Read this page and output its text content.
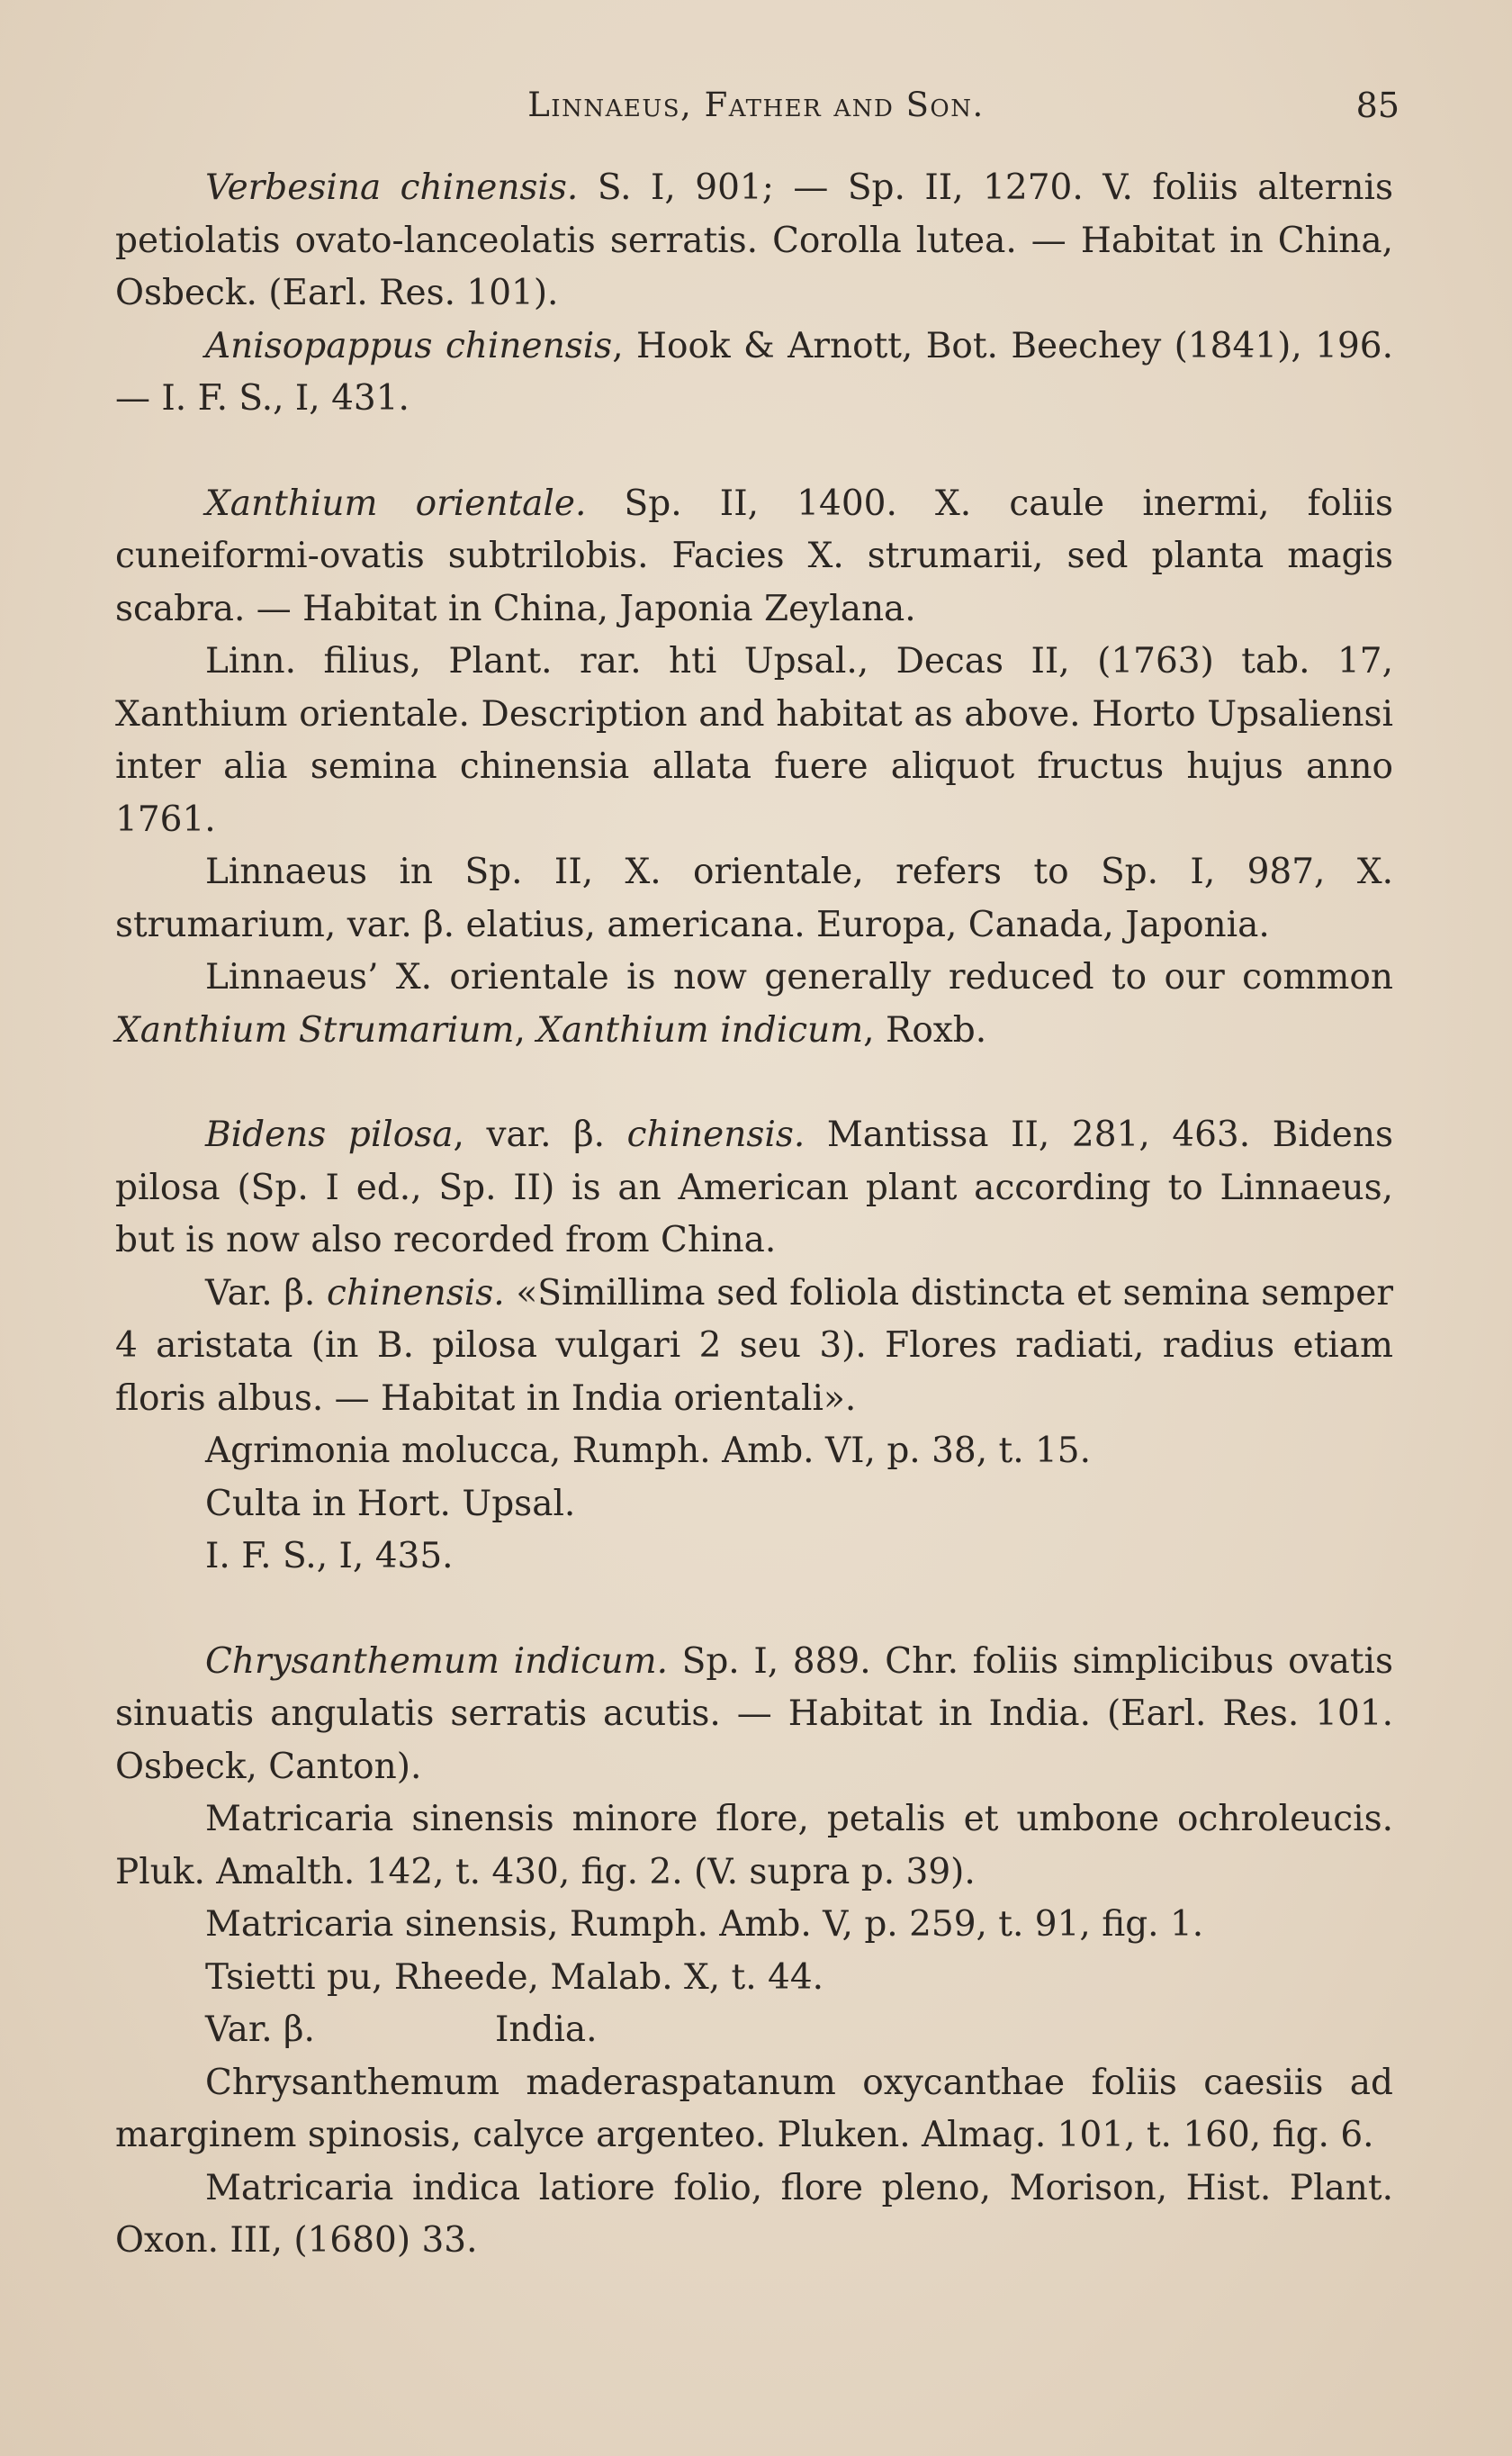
Linnaeus, Father and Son.	85

Verbesina chinensis. S. I, 901; — Sp. II, 1270. V. foliis alternis petiolatis ovato-lanceolatis serratis. Corolla lutea. — Habitat in China, Osbeck. (Earl. Res. 101).

Anisopappus chinensis, Hook & Arnott, Bot. Beechey (1841), 196. — I. F. S., I, 431.

Xanthium orientale. Sp. II, 1400. X. caule inermi, foliis cuneiformi-ovatis subtrilobis. Facies X. strumarii, sed planta magis scabra. — Habitat in China, Japonia Zeylana.

Linn. filius, Plant. rar. hti Upsal., Decas II, (1763) tab. 17, Xanthium orientale. Description and habitat as above. Horto Upsaliensi inter alia semina chinensia allata fuere aliquot fructus hujus anno 1761.

Linnaeus in Sp. II, X. orientale, refers to Sp. I, 987, X. strumarium, var. β. elatius, americana. Europa, Canada, Japonia.

Linnaeus’ X. orientale is now generally reduced to our common Xanthium Strumarium, Xanthium indicum, Roxb.

Bidens pilosa, var. β. chinensis. Mantissa II, 281, 463. Bidens pilosa (Sp. I ed., Sp. II) is an American plant according to Linnaeus, but is now also recorded from China.

Var. β. chinensis. «Simillima sed foliola distincta et semina semper 4 aristata (in B. pilosa vulgari 2 seu 3). Flores radiati, radius etiam floris albus. — Habitat in India orientali».

Agrimonia molucca, Rumph. Amb. VI, p. 38, t. 15.

Culta in Hort. Upsal.

I. F. S., I, 435.

Chrysanthemum indicum. Sp. I, 889. Chr. foliis simplicibus ovatis sinuatis angulatis serratis acutis. — Habitat in India. (Earl. Res. 101. Osbeck, Canton).

Matricaria sinensis minore flore, petalis et umbone ochroleucis. Pluk. Amalth. 142, t. 430, fig. 2. (V. supra p. 39).

Matricaria sinensis, Rumph. Amb. V, p. 259, t. 91, fig. 1.

Tsietti pu, Rheede, Malab. X, t. 44.

Var. β.	India.

Chrysanthemum maderaspatanum oxycanthae foliis caesiis ad marginem spinosis, calyce argenteo. Pluken. Almag. 101, t. 160, fig. 6.

Matricaria indica latiore folio, flore pleno, Morison, Hist. Plant. Oxon. III, (1680) 33.
